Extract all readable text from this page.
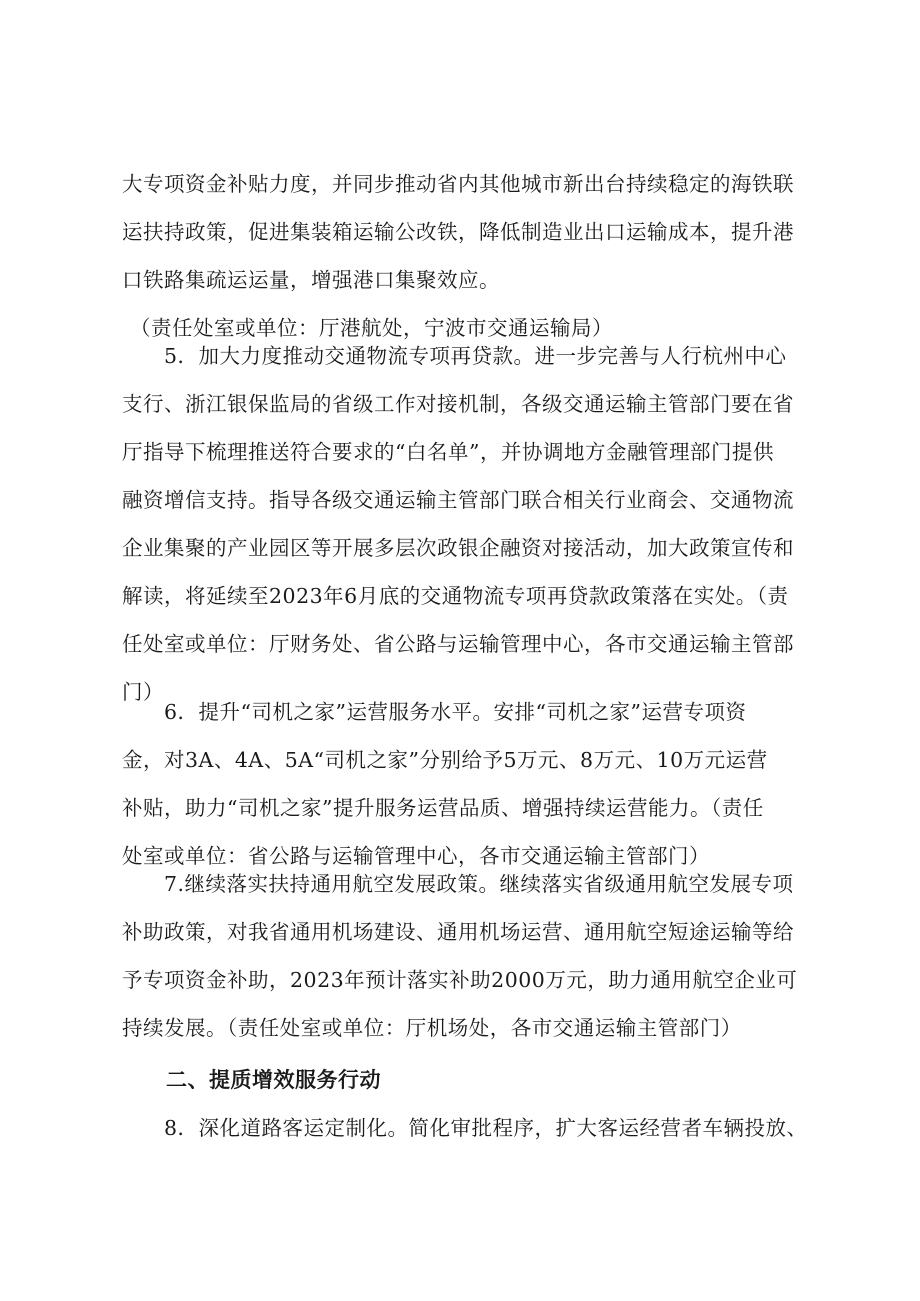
大专项资金补贴力度，并同步推动省内其他城市新出台持续稳定的海铁联
运扶持政策，促进集装箱运输公改铁，降低制造业出口运输成本，提升港
口铁路集疏运运量，增强港口集聚效应。
（责任处室或单位：厅港航处，宁波市交通运输局）
　　5．加大力度推动交通物流专项再贷款。进一步完善与人行杭州中心
支行、浙江银保监局的省级工作对接机制，各级交通运输主管部门要在省
厅指导下梳理推送符合要求的“白名单”，并协调地方金融管理部门提供
融资增信支持。指导各级交通运输主管部门联合相关行业商会、交通物流
企业集聚的产业园区等开展多层次政银企融资对接活动，加大政策宣传和
解读，将延续至2023年6月底的交通物流专项再贷款政策落在实处。（责
任处室或单位：厅财务处、省公路与运输管理中心，各市交通运输主管部
门）
　　6．提升“司机之家”运营服务水平。安排“司机之家”运营专项资
金，对3A、4A、5A“司机之家”分别给予5万元、8万元、10万元运营
补贴，助力“司机之家”提升服务运营品质、增强持续运营能力。（责任
处室或单位：省公路与运输管理中心，各市交通运输主管部门）
　　7.继续落实扶持通用航空发展政策。继续落实省级通用航空发展专项
补助政策，对我省通用机场建设、通用机场运营、通用航空短途运输等给
予专项资金补助，2023年预计落实补助2000万元，助力通用航空企业可
持续发展。（责任处室或单位：厅机场处，各市交通运输主管部门）
二、提质增效服务行动
　　8．深化道路客运定制化。简化审批程序，扩大客运经营者车辆投放、
